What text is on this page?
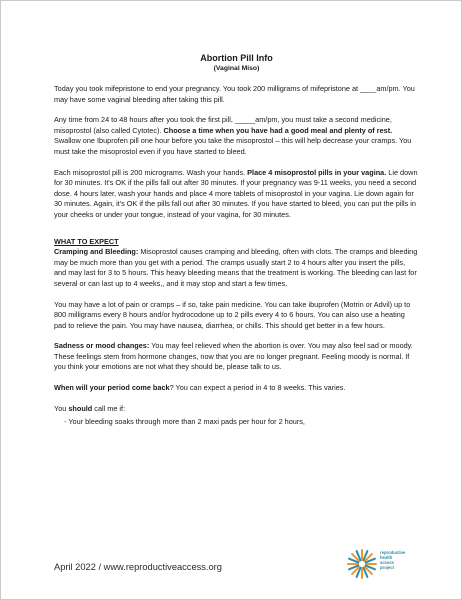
Abortion Pill Info
(Vaginal Miso)

Today you took mifepristone to end your pregnancy. You took 200 milligrams of mifepristone at ____am/pm. You may have some vaginal bleeding after taking this pill.

Any time from 24 to 48 hours after you took the first pill, _____am/pm, you must take a second medicine, misoprostol (also called Cytotec). Choose a time when you have had a good meal and plenty of rest. Swallow one Ibuprofen pill one hour before you take the misoprostol – this will help decrease your cramps. You must take the misoprostol even if you have started to bleed.

Each misoprostol pill is 200 micrograms. Wash your hands. Place 4 misoprostol pills in your vagina. Lie down for 30 minutes. It's OK if the pills fall out after 30 minutes. If your pregnancy was 9-11 weeks, you need a second dose. 4 hours later, wash your hands and place 4 more tablets of misoprostol in your vagina. Lie down again for 30 minutes. Again, it's OK if the pills fall out after 30 minutes. If you have started to bleed, you can put the pills in your cheeks or under your tongue, instead of your vagina, for 30 minutes.

WHAT TO EXPECT

Cramping and Bleeding: Misoprostol causes cramping and bleeding, often with clots. The cramps and bleeding may be much more than you get with a period. The cramps usually start 2 to 4 hours after you insert the pills, and may last for 3 to 5 hours. This heavy bleeding means that the treatment is working. The bleeding can last for several or can last up to 4 weeks,, and it may stop and start a few times.

You may have a lot of pain or cramps – if so, take pain medicine. You can take ibuprofen (Motrin or Advil) up to 800 milligrams every 8 hours and/or hydrocodone up to 2 pills every 4 to 6 hours. You can also use a heating pad to relieve the pain. You may have nausea, diarrhea, or chills. This should get better in a few hours.

Sadness or mood changes: You may feel relieved when the abortion is over. You may also feel sad or moody. These feelings stem from hormone changes, now that you are no longer pregnant. Feeling moody is normal. If you think your emotions are not what they should be, please talk to us.

When will your period come back? You can expect a period in 4 to 8 weeks. This varies.

You should call me if:

- Your bleeding soaks through more than 2 maxi pads per hour for 2 hours,
April 2022 / www.reproductiveaccess.org
reproductive
health
access
project
